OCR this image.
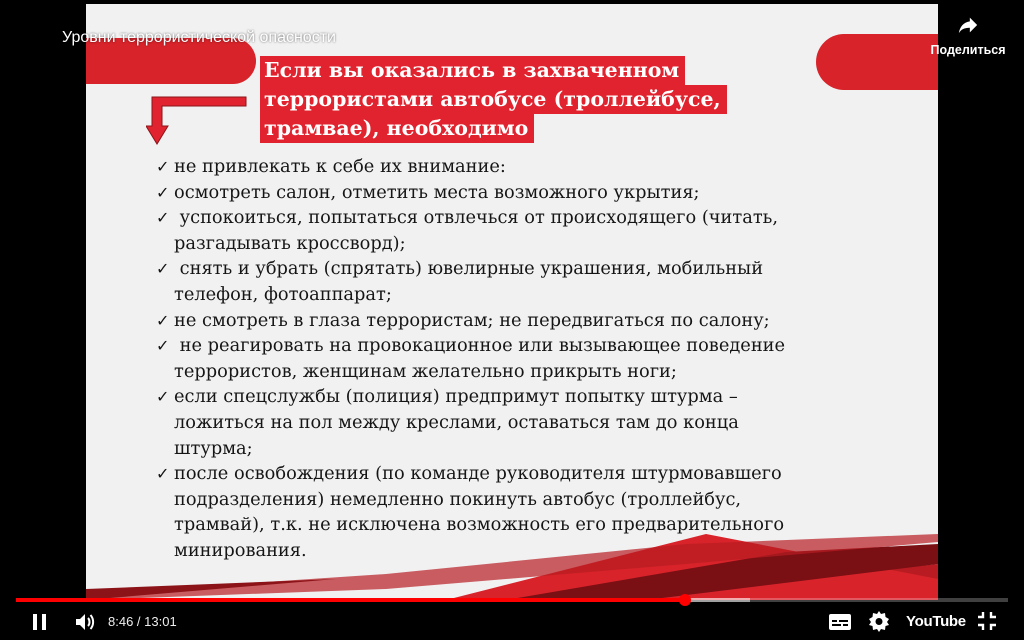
Если вы оказались в захваченном
террористами автобусе (троллейбусе,
трамвае), необходимо
✓ не привлекать к себе их внимание:
✓ осмотреть салон, отметить места возможного укрытия;
✓ успокоиться, попытаться отвлечься от происходящего (читать,
разгадывать кроссворд);
✓ снять и убрать (спрятать) ювелирные украшения, мобильный
телефон, фотоаппарат;
✓ не смотреть в глаза террористам; не передвигаться по салону;
✓ не реагировать на провокационное или вызывающее поведение
террористов, женщинам желательно прикрыть ноги;
✓ если спецслужбы (полиция) предпримут попытку штурма –
ложиться на пол между креслами, оставаться там до конца
штурма;
✓ после освобождения (по команде руководителя штурмовавшего
подразделения) немедленно покинуть автобус (троллейбус,
трамвай), т.к. не исключена возможность его предварительного
минирования.
Уровни террористической опасности
Поделиться
8:46 / 13:01	YouTube
